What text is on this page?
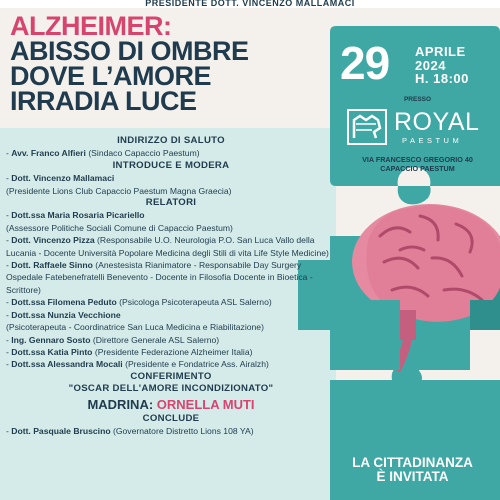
PRESIDENTE DOTT. VINCENZO MALLAMACI
ALZHEIMER:
ABISSO DI OMBRE
DOVE L’AMORE
IRRADIA LUCE
29 APRILE
2024
H. 18:00
PRESSO
ROYAL
PAESTUM
VIA FRANCESCO GREGORIO 40
CAPACCIO PAESTUM
LA CITTADINANZA
È INVITATA
INDIRIZZO DI SALUTO
- Avv. Franco Alfieri (Sindaco Capaccio Paestum)
INTRODUCE E MODERA
- Dott. Vincenzo Mallamaci
(Presidente Lions Club Capaccio Paestum Magna Graecia)
RELATORI
- Dott.ssa Maria Rosaria Picariello
(Assessore Politiche Sociali Comune di Capaccio Paestum)
- Dott. Vincenzo Pizza (Responsabile U.O. Neurologia P.O. San Luca Vallo della Lucania - Docente Università Popolare Medicina degli Stili di vita Life Style Medicine)
- Dott. Raffaele Sinno (Anestesista Rianimatore - Responsabile Day Surgery Ospedale Fatebenefratelli Benevento - Docente in Filosofia Docente in Bioetica - Scrittore)
- Dott.ssa Filomena Peduto (Psicologa Psicoterapeuta ASL Salerno)
- Dott.ssa Nunzia Vecchione
(Psicoterapeuta - Coordinatrice San Luca Medicina e Riabilitazione)
- Ing. Gennaro Sosto (Direttore Generale ASL Salerno)
- Dott.ssa Katia Pinto (Presidente Federazione Alzheimer Italia)
- Dott.ssa Alessandra Mocali (Presidente e Fondatrice Ass. Airalzh)
CONFERIMENTO
"OSCAR DELL'AMORE INCONDIZIONATO"
MADRINA: ORNELLA MUTI
CONCLUDE
- Dott. Pasquale Bruscino (Governatore Distretto Lions 108 YA)
